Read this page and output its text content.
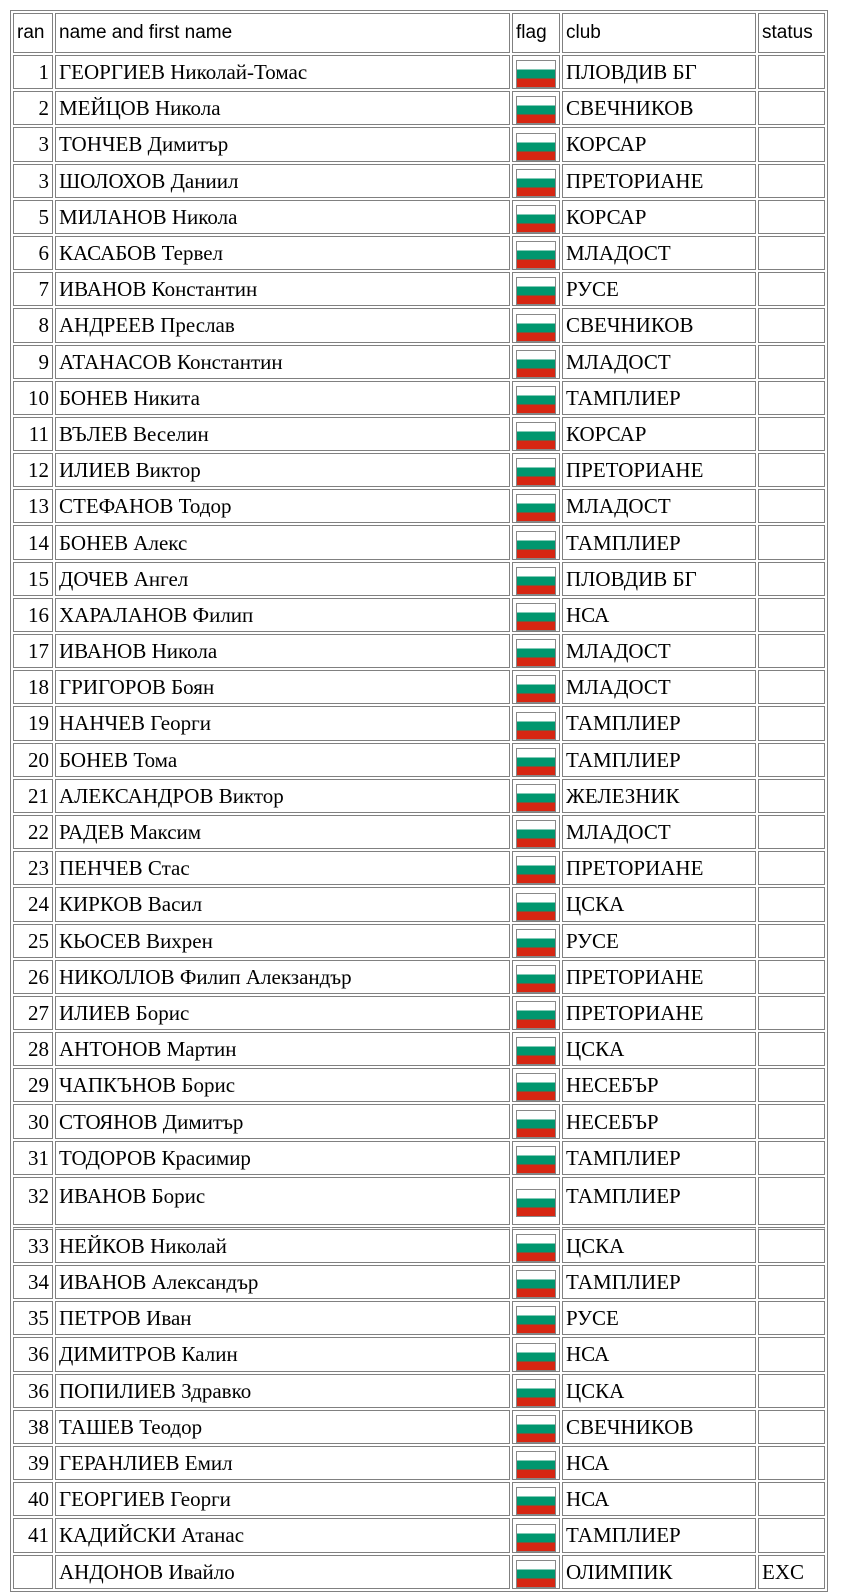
ran	name and first name	flag	club	status
1	ГЕОРГИЕВ Николай-Томас		ПЛОВДИВ БГ	
2	МЕЙЦОВ Никола		СВЕЧНИКОВ	
3	ТОНЧЕВ Димитър		КОРСАР	
3	ШОЛОХОВ Даниил		ПРЕТОРИАНЕ	
5	МИЛАНОВ Никола		КОРСАР	
6	КАСАБОВ Тервел		МЛАДОСТ	
7	ИВАНОВ Константин		РУСЕ	
8	АНДРЕЕВ Преслав		СВЕЧНИКОВ	
9	АТАНАСОВ Константин		МЛАДОСТ	
10	БОНЕВ Никита		ТАМПЛИЕР	
11	ВЪЛЕВ Веселин		КОРСАР	
12	ИЛИЕВ Виктор		ПРЕТОРИАНЕ	
13	СТЕФАНОВ Тодор		МЛАДОСТ	
14	БОНЕВ Алекс		ТАМПЛИЕР	
15	ДОЧЕВ Ангел		ПЛОВДИВ БГ	
16	ХАРАЛАНОВ Филип		НСА	
17	ИВАНОВ Никола		МЛАДОСТ	
18	ГРИГОРОВ Боян		МЛАДОСТ	
19	НАНЧЕВ Георги		ТАМПЛИЕР	
20	БОНЕВ Тома		ТАМПЛИЕР	
21	АЛЕКСАНДРОВ Виктор		ЖЕЛЕЗНИК	
22	РАДЕВ Максим		МЛАДОСТ	
23	ПЕНЧЕВ Стас		ПРЕТОРИАНЕ	
24	КИРКОВ Васил		ЦСКА	
25	КЬОСЕВ Вихрен		РУСЕ	
26	НИКОЛЛОВ Филип Алекзандър		ПРЕТОРИАНЕ	
27	ИЛИЕВ Борис		ПРЕТОРИАНЕ	
28	АНТОНОВ Мартин		ЦСКА	
29	ЧАПКЪНОВ Борис		НЕСЕБЪР	
30	СТОЯНОВ Димитър		НЕСЕБЪР	
31	ТОДОРОВ Красимир		ТАМПЛИЕР	
32	ИВАНОВ Борис		ТАМПЛИЕР	
33	НЕЙКОВ Николай		ЦСКА	
34	ИВАНОВ Александър		ТАМПЛИЕР	
35	ПЕТРОВ Иван		РУСЕ	
36	ДИМИТРОВ Калин		НСА	
36	ПОПИЛИЕВ Здравко		ЦСКА	
38	ТАШЕВ Теодор		СВЕЧНИКОВ	
39	ГЕРАНЛИЕВ Емил		НСА	
40	ГЕОРГИЕВ Георги		НСА	
41	КАДИЙСКИ Атанас		ТАМПЛИЕР	
	АНДОНОВ Ивайло		ОЛИМПИК	EXC
